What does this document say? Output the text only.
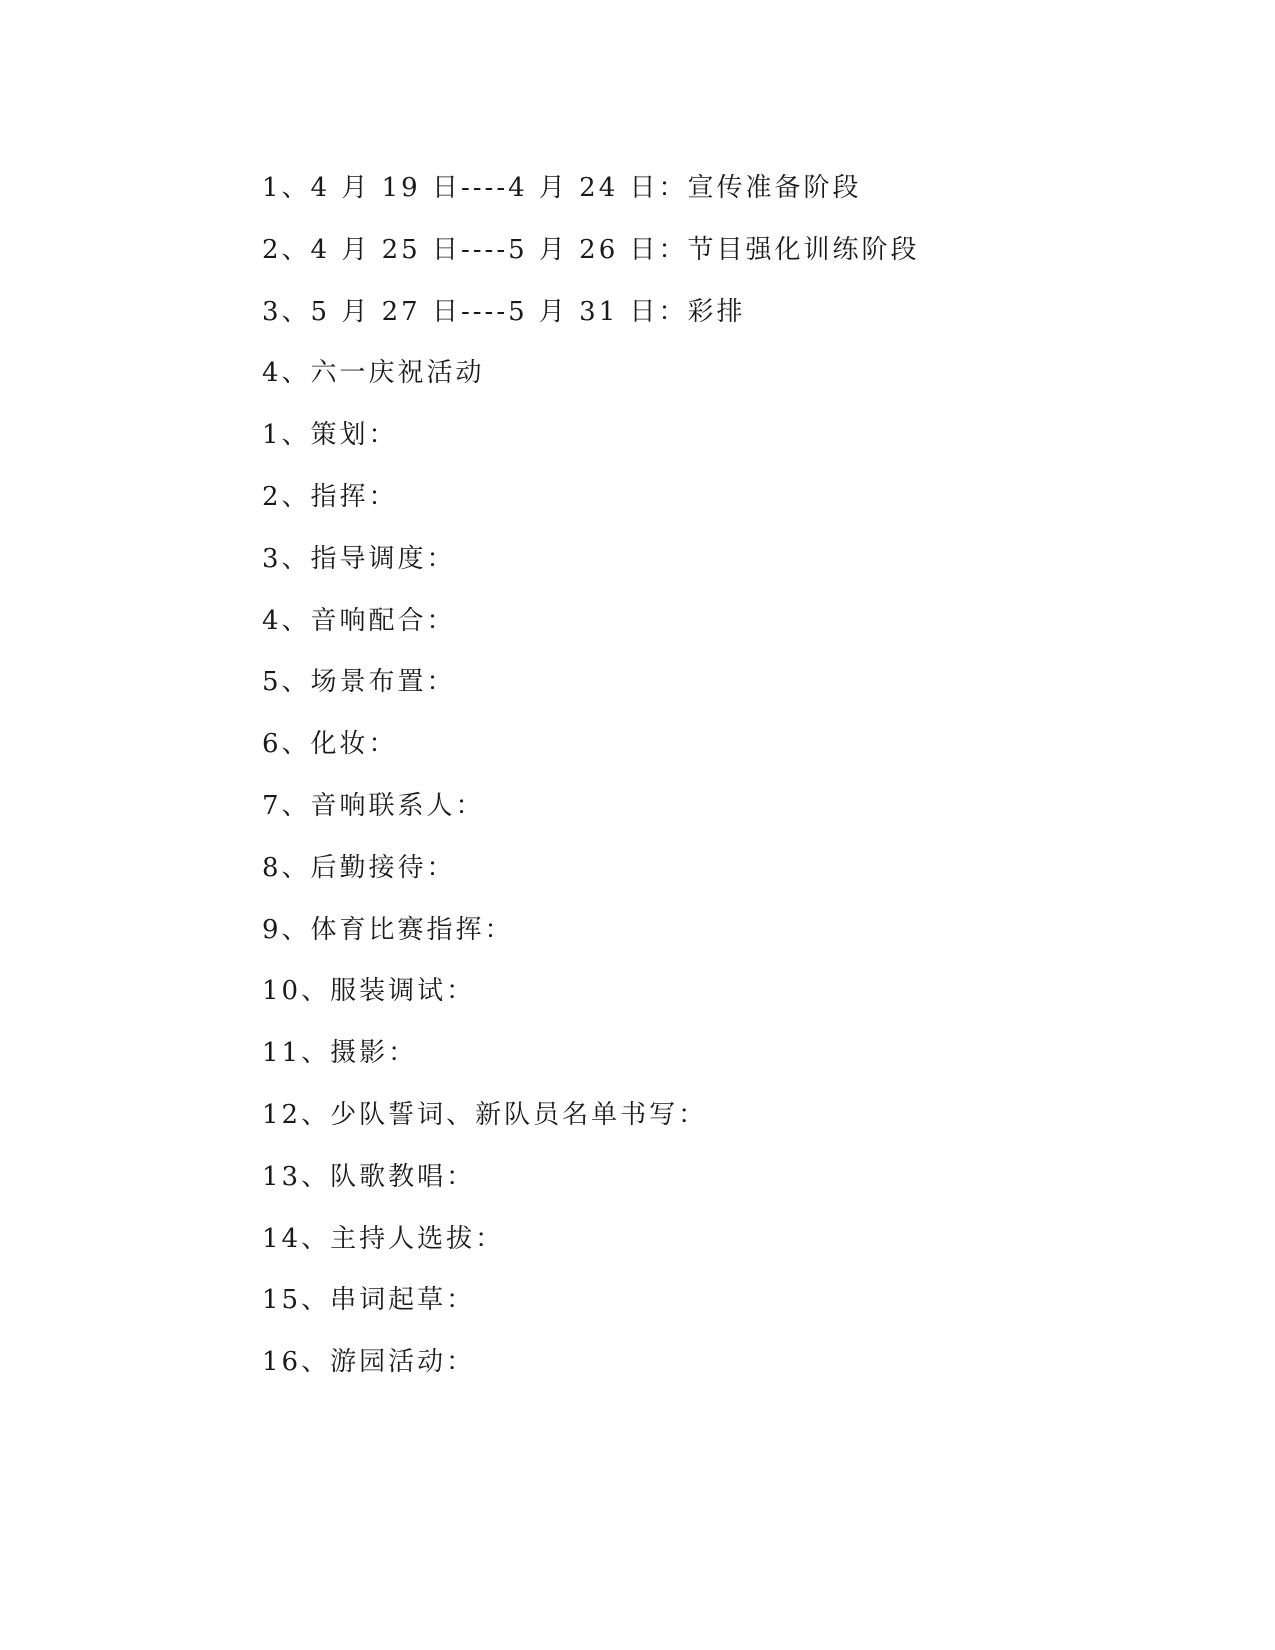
1、4 月 19 日----4 月 24 日：宣传准备阶段
2、4 月 25 日----5 月 26 日：节目强化训练阶段
3、5 月 27 日----5 月 31 日：彩排
4、六一庆祝活动
1、策划：
2、指挥：
3、指导调度：
4、音响配合：
5、场景布置：
6、化妆：
7、音响联系人：
8、后勤接待：
9、体育比赛指挥：
10、服装调试：
11、摄影：
12、少队誓词、新队员名单书写：
13、队歌教唱：
14、主持人选拔：
15、串词起草：
16、游园活动：
